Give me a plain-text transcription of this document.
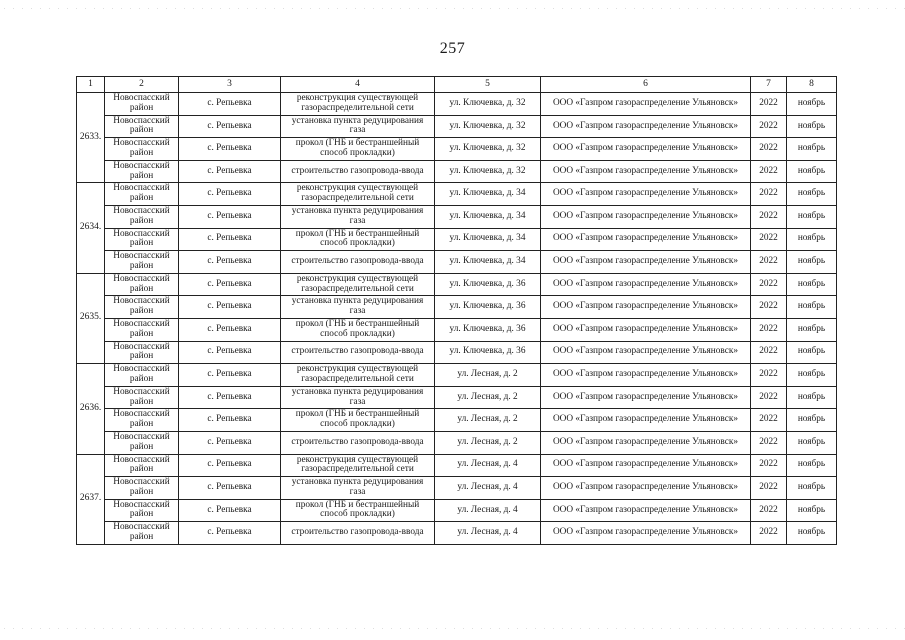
257
1	2	3	4	5	6	7	8
2633.	Новоспасский район	с. Репьевка	реконструкция существующей газораспределительной сети	ул. Ключевка, д. 32	ООО «Газпром газораспределение Ульяновск»	2022	ноябрь
	Новоспасский район	с. Репьевка	установка пункта редуцирования газа	ул. Ключевка, д. 32	ООО «Газпром газораспределение Ульяновск»	2022	ноябрь
	Новоспасский район	с. Репьевка	прокол (ГНБ и бестраншейный способ прокладки)	ул. Ключевка, д. 32	ООО «Газпром газораспределение Ульяновск»	2022	ноябрь
	Новоспасский район	с. Репьевка	строительство газопровода-ввода	ул. Ключевка, д. 32	ООО «Газпром газораспределение Ульяновск»	2022	ноябрь
2634.	Новоспасский район	с. Репьевка	реконструкция существующей газораспределительной сети	ул. Ключевка, д. 34	ООО «Газпром газораспределение Ульяновск»	2022	ноябрь
	Новоспасский район	с. Репьевка	установка пункта редуцирования газа	ул. Ключевка, д. 34	ООО «Газпром газораспределение Ульяновск»	2022	ноябрь
	Новоспасский район	с. Репьевка	прокол (ГНБ и бестраншейный способ прокладки)	ул. Ключевка, д. 34	ООО «Газпром газораспределение Ульяновск»	2022	ноябрь
	Новоспасский район	с. Репьевка	строительство газопровода-ввода	ул. Ключевка, д. 34	ООО «Газпром газораспределение Ульяновск»	2022	ноябрь
2635.	Новоспасский район	с. Репьевка	реконструкция существующей газораспределительной сети	ул. Ключевка, д. 36	ООО «Газпром газораспределение Ульяновск»	2022	ноябрь
	Новоспасский район	с. Репьевка	установка пункта редуцирования газа	ул. Ключевка, д. 36	ООО «Газпром газораспределение Ульяновск»	2022	ноябрь
	Новоспасский район	с. Репьевка	прокол (ГНБ и бестраншейный способ прокладки)	ул. Ключевка, д. 36	ООО «Газпром газораспределение Ульяновск»	2022	ноябрь
	Новоспасский район	с. Репьевка	строительство газопровода-ввода	ул. Ключевка, д. 36	ООО «Газпром газораспределение Ульяновск»	2022	ноябрь
2636.	Новоспасский район	с. Репьевка	реконструкция существующей газораспределительной сети	ул. Лесная, д. 2	ООО «Газпром газораспределение Ульяновск»	2022	ноябрь
	Новоспасский район	с. Репьевка	установка пункта редуцирования газа	ул. Лесная, д. 2	ООО «Газпром газораспределение Ульяновск»	2022	ноябрь
	Новоспасский район	с. Репьевка	прокол (ГНБ и бестраншейный способ прокладки)	ул. Лесная, д. 2	ООО «Газпром газораспределение Ульяновск»	2022	ноябрь
	Новоспасский район	с. Репьевка	строительство газопровода-ввода	ул. Лесная, д. 2	ООО «Газпром газораспределение Ульяновск»	2022	ноябрь
2637.	Новоспасский район	с. Репьевка	реконструкция существующей газораспределительной сети	ул. Лесная, д. 4	ООО «Газпром газораспределение Ульяновск»	2022	ноябрь
	Новоспасский район	с. Репьевка	установка пункта редуцирования газа	ул. Лесная, д. 4	ООО «Газпром газораспределение Ульяновск»	2022	ноябрь
	Новоспасский район	с. Репьевка	прокол (ГНБ и бестраншейный способ прокладки)	ул. Лесная, д. 4	ООО «Газпром газораспределение Ульяновск»	2022	ноябрь
	Новоспасский район	с. Репьевка	строительство газопровода-ввода	ул. Лесная, д. 4	ООО «Газпром газораспределение Ульяновск»	2022	ноябрь
